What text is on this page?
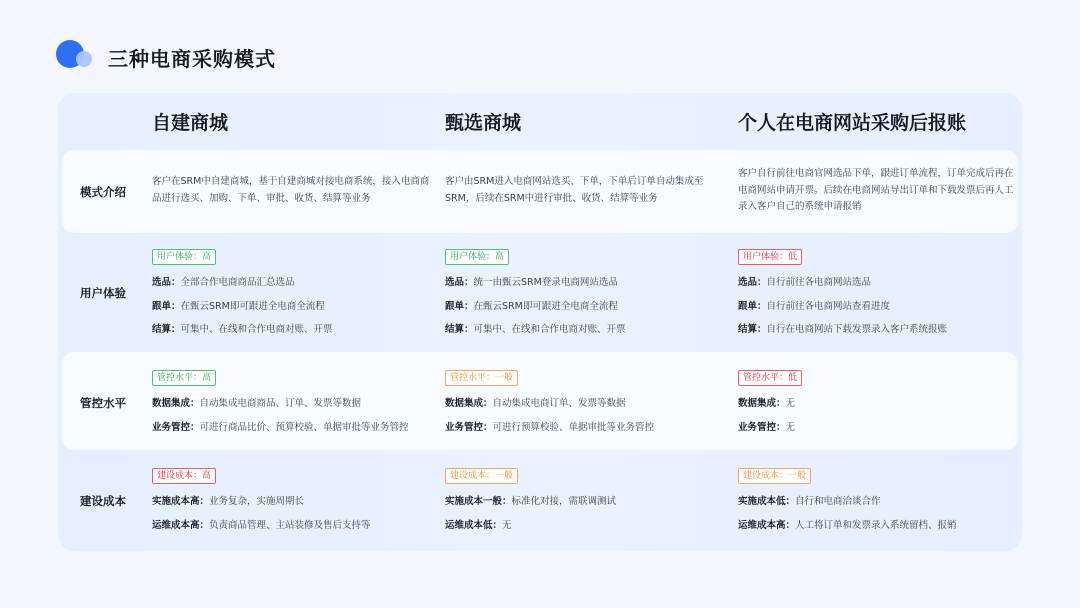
三种电商采购模式
自建商城	甄选商城	个人在电商网站采购后报账
模式介绍
客户在SRM中自建商城，基于自建商城对接电商系统，接入电商商品进行选买、加购、下单、审批、收货、结算等业务
客户由SRM进入电商网站选买、下单，下单后订单自动集成至SRM，后续在SRM中进行审批、收货、结算等业务
客户自行前往电商官网选品下单，跟进订单流程，订单完成后再在电商网站申请开票。后续在电商网站导出订单和下载发票后再人工录入客户自己的系统申请报销
用户体验
用户体验：高
选品：全部合作电商商品汇总选品
跟单：在甄云SRM即可跟进全电商全流程
结算：可集中、在线和合作电商对账、开票
用户体验：高
选品：统一由甄云SRM登录电商网站选品
跟单：在甄云SRM即可跟进全电商全流程
结算：可集中、在线和合作电商对账、开票
用户体验：低
选品：自行前往各电商网站选品
跟单：自行前往各电商网站查看进度
结算：自行在电商网站下载发票录入客户系统报账
管控水平
管控水平：高
数据集成：自动集成电商商品、订单、发票等数据
业务管控：可进行商品比价、预算校验、单据审批等业务管控
管控水平：一般
数据集成：自动集成电商订单、发票等数据
业务管控：可进行预算校验、单据审批等业务管控
管控水平：低
数据集成：无
业务管控：无
建设成本
建设成本：高
实施成本高：业务复杂，实施周期长
运维成本高：负责商品管理、主站装修及售后支持等
建设成本：一般
实施成本一般：标准化对接，需联调测试
运维成本低：无
建设成本：一般
实施成本低：自行和电商洽谈合作
运维成本高：人工将订单和发票录入系统留档、报销
